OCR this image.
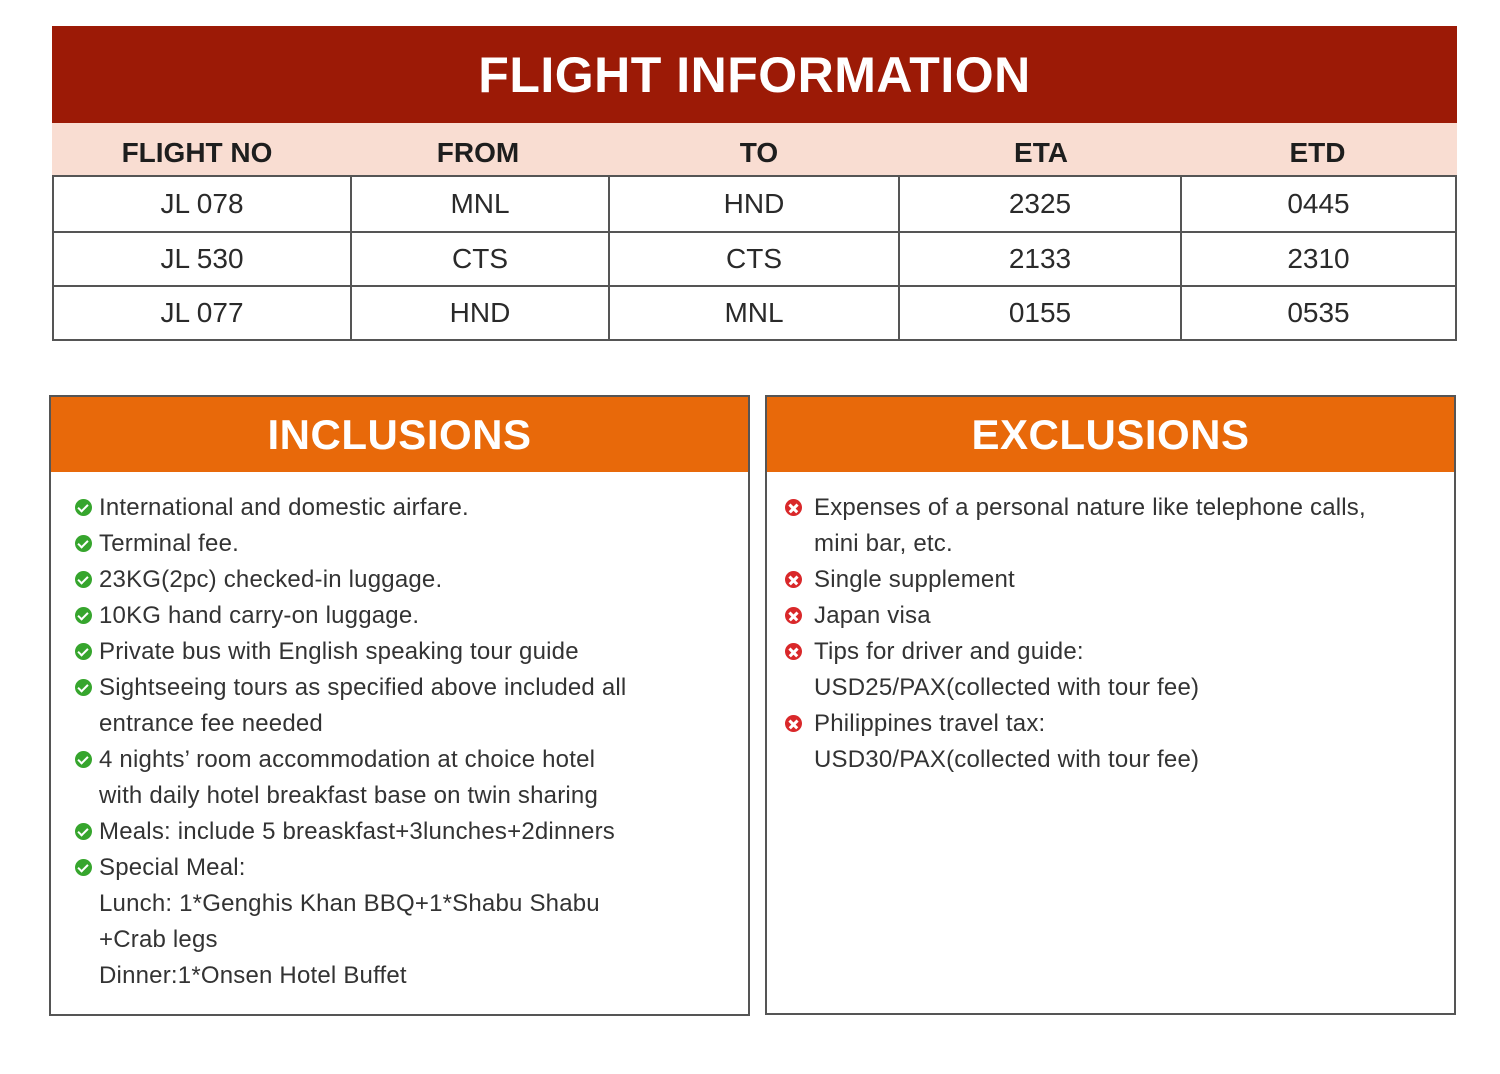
FLIGHT INFORMATION
FLIGHT NO	FROM	TO	ETA	ETD
JL 078	MNL	HND	2325	0445
JL 530	CTS	CTS	2133	2310
JL 077	HND	MNL	0155	0535
INCLUSIONS
International and domestic airfare.
Terminal fee.
23KG(2pc) checked-in luggage.
10KG hand carry-on luggage.
Private bus with English speaking tour guide
Sightseeing tours as specified above included all
entrance fee needed
4 nights’ room accommodation at choice hotel
with daily hotel breakfast base on twin sharing
Meals: include 5 breaskfast+3lunches+2dinners
Special Meal:
Lunch: 1*Genghis Khan BBQ+1*Shabu Shabu
+Crab legs
Dinner:1*Onsen Hotel Buffet
EXCLUSIONS
Expenses of a personal nature like telephone calls,
mini bar, etc.
Single supplement
Japan visa
Tips for driver and guide:
USD25/PAX(collected with tour fee)
Philippines travel tax:
USD30/PAX(collected with tour fee)
